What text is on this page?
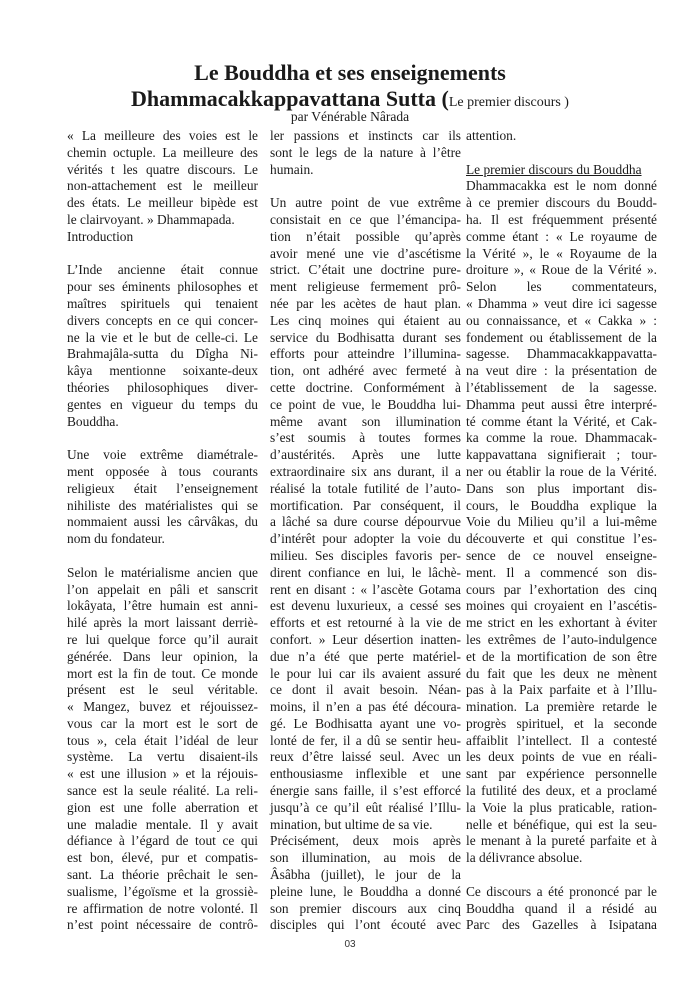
Le Bouddha et ses enseignements
Dhammacakkappavattana Sutta (Le premier discours )
par Vénérable Nârada
« La meilleure des voies est le
chemin octuple. La meilleure des
vérités t les quatre discours. Le
non-attachement est le meilleur
des états. Le meilleur bipède est
le clairvoyant. » Dhammapada.
Introduction
L’Inde ancienne était connue
pour ses éminents philosophes et
maîtres spirituels qui tenaient
divers concepts en ce qui concer-
ne la vie et le but de celle-ci. Le
Brahmajâla-sutta du Dîgha Ni-
kâya mentionne soixante-deux
théories philosophiques diver-
gentes en vigueur du temps du
Bouddha.
Une voie extrême diamétrale-
ment opposée à tous courants
religieux était l’enseignement
nihiliste des matérialistes qui se
nommaient aussi les cârvâkas, du
nom du fondateur.
Selon le matérialisme ancien que
l’on appelait en pâli et sanscrit
lokâyata, l’être humain est anni-
hilé après la mort laissant derriè-
re lui quelque force qu’il aurait
générée. Dans leur opinion, la
mort est la fin de tout. Ce monde
présent est le seul véritable.
« Mangez, buvez et réjouissez-
vous car la mort est le sort de
tous », cela était l’idéal de leur
système. La vertu disaient-ils
« est une illusion » et la réjouis-
sance est la seule réalité. La reli-
gion est une folle aberration et
une maladie mentale. Il y avait
défiance à l’égard de tout ce qui
est bon, élevé, pur et compatis-
sant. La théorie prêchait le sen-
sualisme, l’égoïsme et la grossiè-
re affirmation de notre volonté. Il
n’est point nécessaire de contrô-
ler passions et instincts car ils
sont le legs de la nature à l’être
humain.
Un autre point de vue extrême
consistait en ce que l’émancipa-
tion n’était possible qu’après
avoir mené une vie d’ascétisme
strict. C’était une doctrine pure-
ment religieuse fermement prô-
née par les acètes de haut plan.
Les cinq moines qui étaient au
service du Bodhisatta durant ses
efforts pour atteindre l’illumina-
tion, ont adhéré avec fermeté à
cette doctrine. Conformément à
ce point de vue, le Bouddha lui-
même avant son illumination
s’est soumis à toutes formes
d’austérités. Après une lutte
extraordinaire six ans durant, il a
réalisé la totale futilité de l’auto-
mortification. Par conséquent, il
a lâché sa dure course dépourvue
d’intérêt pour adopter la voie du
milieu. Ses disciples favoris per-
dirent confiance en lui, le lâchè-
rent en disant : « l’ascète Gotama
est devenu luxurieux, a cessé ses
efforts et est retourné à la vie de
confort. » Leur désertion inatten-
due n’a été que perte matériel-
le pour lui car ils avaient assuré
ce dont il avait besoin. Néan-
moins, il n’en a pas été découra-
gé. Le Bodhisatta ayant une vo-
lonté de fer, il a dû se sentir heu-
reux d’être laissé seul. Avec un
enthousiasme inflexible et une
énergie sans faille, il s’est efforcé
jusqu’à ce qu’il eût réalisé l’Illu-
mination, but ultime de sa vie.
Précisément, deux mois après
son illumination, au mois de
Âsâbha (juillet), le jour de la
pleine lune, le Bouddha a donné
son premier discours aux cinq
disciples qui l’ont écouté avec
attention.
Le premier discours du Bouddha
Dhammacakka est le nom donné
à ce premier discours du Boudd-
ha. Il est fréquemment présenté
comme étant : « Le royaume de
la Vérité », le « Royaume de la
droiture », « Roue de la Vérité ».
Selon les commentateurs,
« Dhamma » veut dire ici sagesse
ou connaissance, et « Cakka » :
fondement ou établissement de la
sagesse. Dhammacakkappavatta-
na veut dire : la présentation de
l’établissement de la sagesse.
Dhamma peut aussi être interpré-
té comme étant la Vérité, et Cak-
ka comme la roue. Dhammacak-
kappavattana signifierait ; tour-
ner ou établir la roue de la Vérité.
Dans son plus important dis-
cours, le Bouddha explique la
Voie du Milieu qu’il a lui-même
découverte et qui constitue l’es-
sence de ce nouvel enseigne-
ment. Il a commencé son dis-
cours par l’exhortation des cinq
moines qui croyaient en l’ascétis-
me strict en les exhortant à éviter
les extrêmes de l’auto-indulgence
et de la mortification de son être
du fait que les deux ne mènent
pas à la Paix parfaite et à l’Illu-
mination. La première retarde le
progrès spirituel, et la seconde
affaiblit l’intellect. Il a contesté
les deux points de vue en réali-
sant par expérience personnelle
la futilité des deux, et a proclamé
la Voie la plus praticable, ration-
nelle et bénéfique, qui est la seu-
le menant à la pureté parfaite et à
la délivrance absolue.
Ce discours a été prononcé par le
Bouddha quand il a résidé au
Parc des Gazelles à Isipatana
03
